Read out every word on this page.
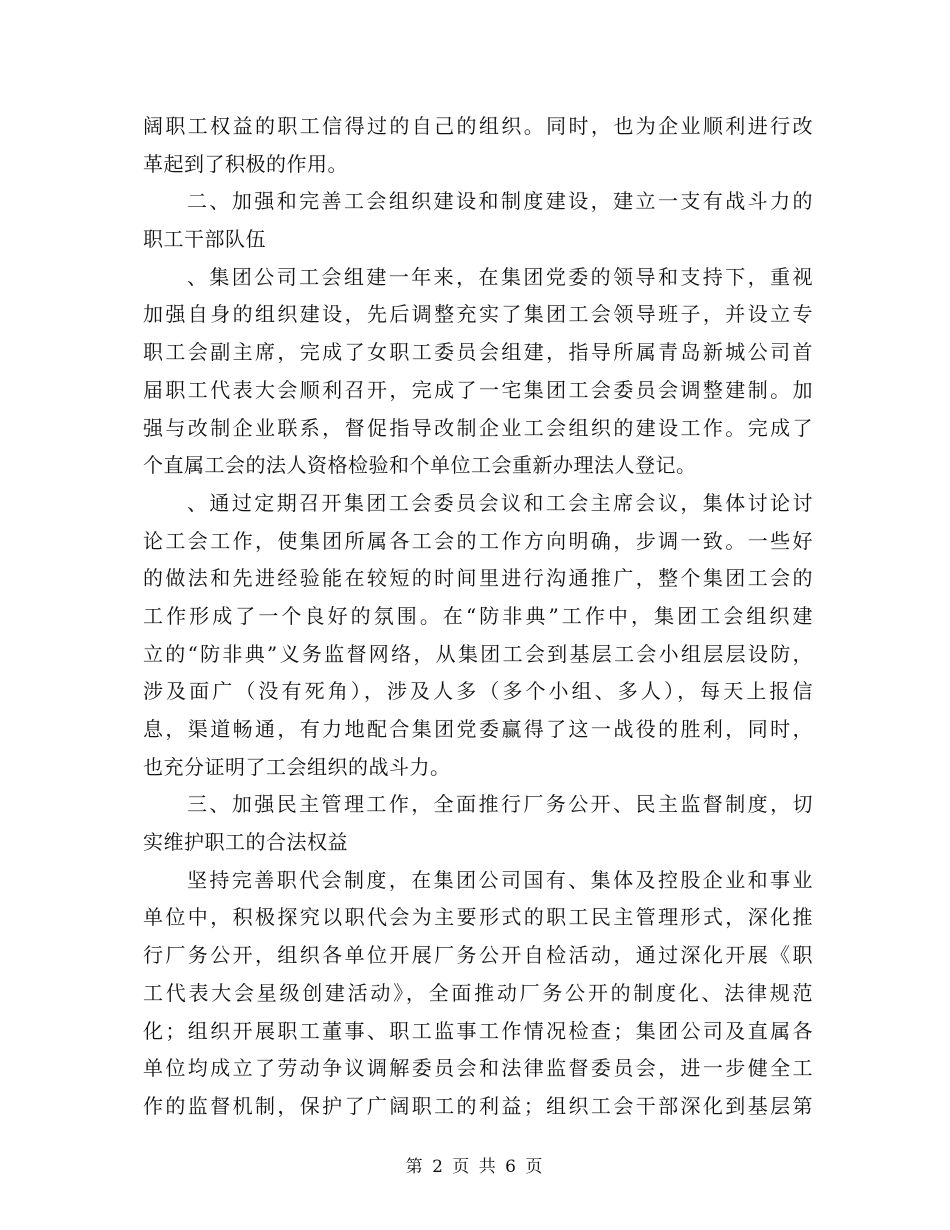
阔职工权益的职工信得过的自己的组织。同时，也为企业顺利进行改
革起到了积极的作用。
二、加强和完善工会组织建设和制度建设，建立一支有战斗力的
职工干部队伍
、集团公司工会组建一年来，在集团党委的领导和支持下，重视
加强自身的组织建设，先后调整充实了集团工会领导班子，并设立专
职工会副主席，完成了女职工委员会组建，指导所属青岛新城公司首
届职工代表大会顺利召开，完成了一宅集团工会委员会调整建制。加
强与改制企业联系，督促指导改制企业工会组织的建设工作。完成了
个直属工会的法人资格检验和个单位工会重新办理法人登记。
、通过定期召开集团工会委员会议和工会主席会议，集体讨论讨
论工会工作，使集团所属各工会的工作方向明确，步调一致。一些好
的做法和先进经验能在较短的时间里进行沟通推广，整个集团工会的
工作形成了一个良好的氛围。在“防非典”工作中，集团工会组织建
立的“防非典”义务监督网络，从集团工会到基层工会小组层层设防，
涉及面广（没有死角），涉及人多（多个小组、多人），每天上报信
息，渠道畅通，有力地配合集团党委赢得了这一战役的胜利，同时，
也充分证明了工会组织的战斗力。
三、加强民主管理工作，全面推行厂务公开、民主监督制度，切
实维护职工的合法权益
坚持完善职代会制度，在集团公司国有、集体及控股企业和事业
单位中，积极探究以职代会为主要形式的职工民主管理形式，深化推
行厂务公开，组织各单位开展厂务公开自检活动，通过深化开展《职
工代表大会星级创建活动》，全面推动厂务公开的制度化、法律规范
化；组织开展职工董事、职工监事工作情况检查；集团公司及直属各
单位均成立了劳动争议调解委员会和法律监督委员会，进一步健全工
作的监督机制，保护了广阔职工的利益；组织工会干部深化到基层第
第 2 页 共 6 页
